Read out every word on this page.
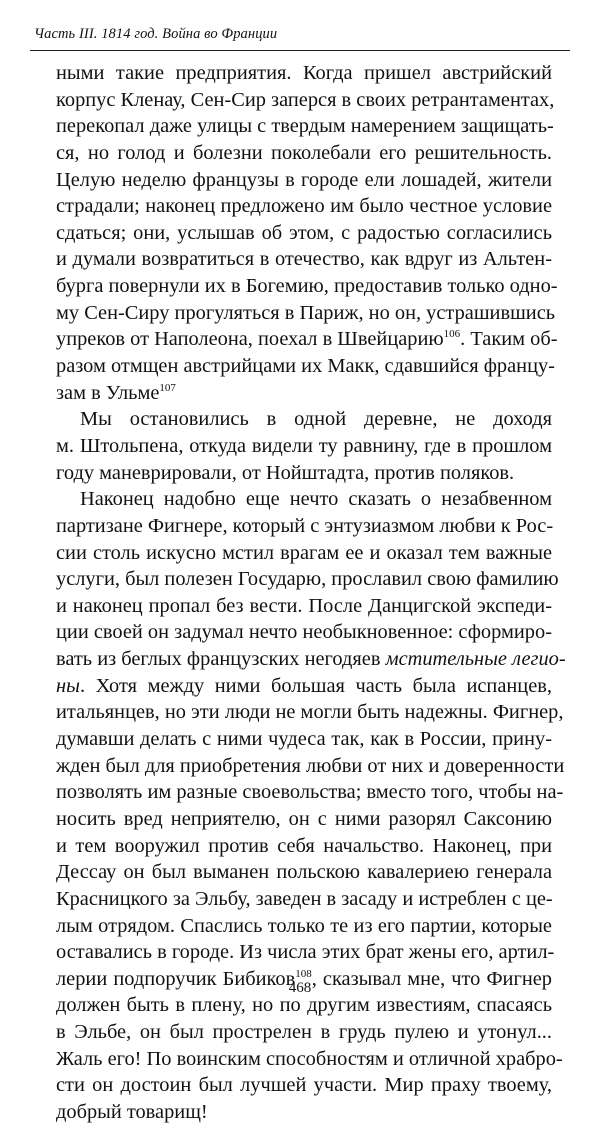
Часть III. 1814 год. Война во Франции
ными такие предприятия. Когда пришел австрийский
корпус Кленау, Сен-Сир заперся в своих ретрантаментах,
перекопал даже улицы с твердым намерением защищать-
ся, но голод и болезни поколебали его решительность.
Целую неделю французы в городе ели лошадей, жители
страдали; наконец предложено им было честное условие
сдаться; они, услышав об этом, с радостью согласились
и думали возвратиться в отечество, как вдруг из Альтен-
бурга повернули их в Богемию, предоставив только одно-
му Сен-Сиру прогуляться в Париж, но он, устрашившись
упреков от Наполеона, поехал в Швейцарию$^{106}$. Таким об-
разом отмщен австрийцами их Макк, сдавшийся францу-
зам в Ульме$^{107}$
Мы остановились в одной деревне, не доходя
м. Штольпена, откуда видели ту равнину, где в прошлом
году маневрировали, от Нойштадта, против поляков.
Наконец надобно еще нечто сказать о незабвенном
партизане Фигнере, который с энтузиазмом любви к Рос-
сии столь искусно мстил врагам ее и оказал тем важные
услуги, был полезен Государю, прославил свою фамилию
и наконец пропал без вести. После Данцигской экспеди-
ции своей он задумал нечто необыкновенное: сформиро-
вать из беглых французских негодяев мстительные легио-
ны. Хотя между ними большая часть была испанцев,
итальянцев, но эти люди не могли быть надежны. Фигнер,
думавши делать с ними чудеса так, как в России, прину-
жден был для приобретения любви от них и доверенности
позволять им разные своевольства; вместо того, чтобы на-
носить вред неприятелю, он с ними разорял Саксонию
и тем вооружил против себя начальство. Наконец, при
Дессау он был выманен польскою кавалериею генерала
Красницкого за Эльбу, заведен в засаду и истреблен с це-
лым отрядом. Спаслись только те из его партии, которые
оставались в городе. Из числа этих брат жены его, артил-
лерии подпоручик Бибиков$^{108}$, сказывал мне, что Фигнер
должен быть в плену, но по другим известиям, спасаясь
в Эльбе, он был прострелен в грудь пулею и утонул...
Жаль его! По воинским способностям и отличной храбро-
сти он достоин был лучшей участи. Мир праху твоему,
добрый товарищ!
468
